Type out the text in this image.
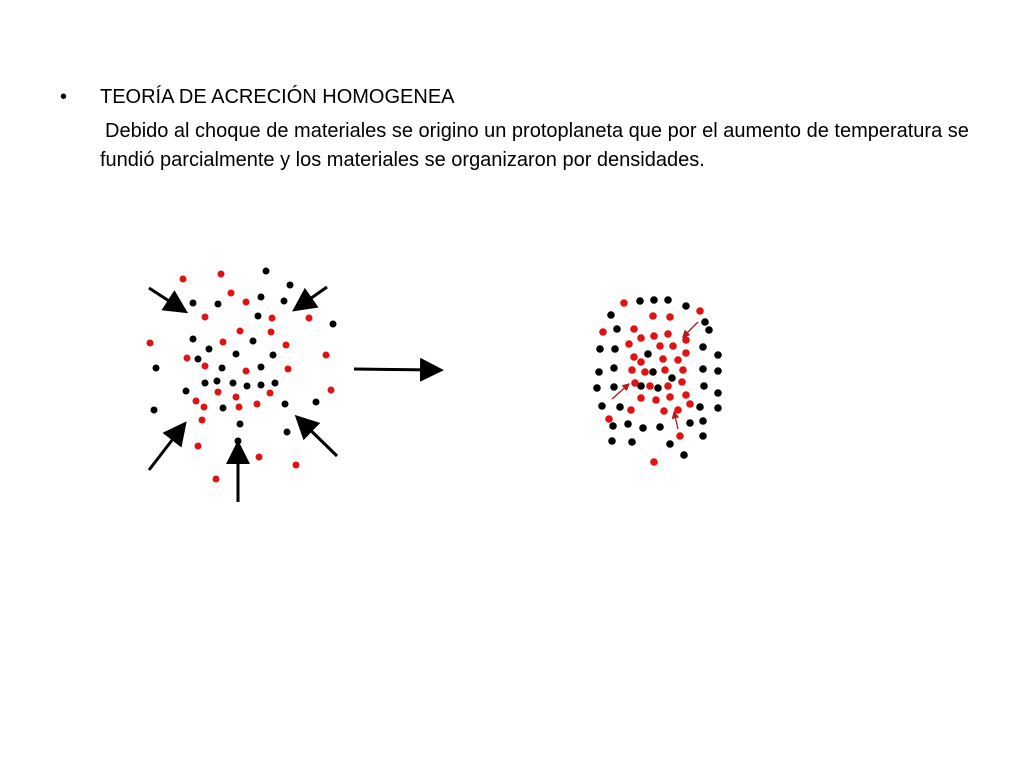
• TEORÍA DE ACRECIÓN HOMOGENEA
Debido al choque de materiales se origino un protoplaneta que por el aumento de temperatura se fundió parcialmente y los materiales se organizaron por densidades.
